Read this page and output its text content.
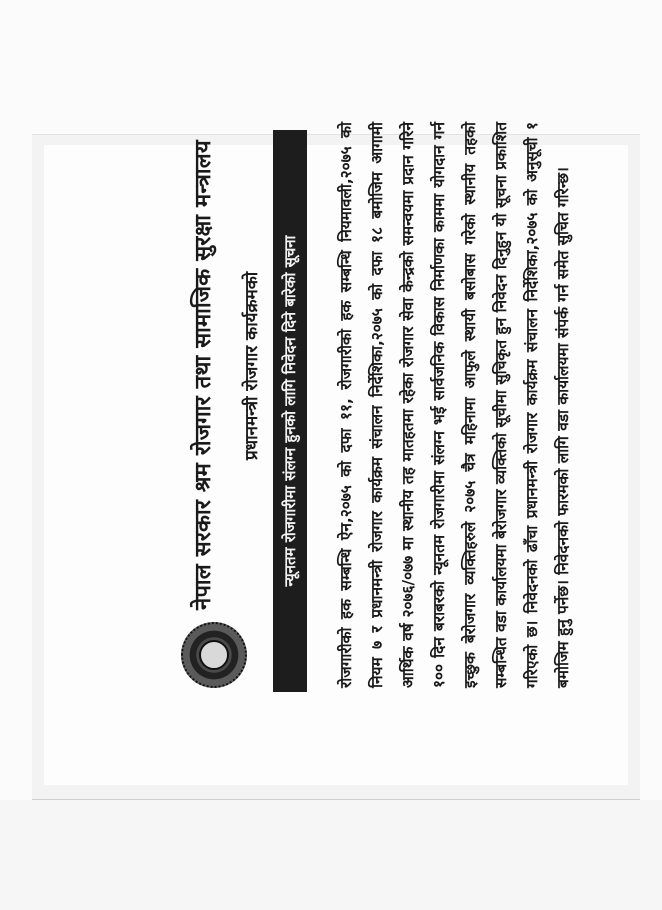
नेपाल सरकार श्रम रोजगार तथा सामाजिक सुरक्षा मन्त्रालय प्रधानमन्त्री रोजगार कार्यक्रमको न्यूनतम रोजगारीमा संलग्न हुनको लागि निवेदन दिने बारेको सूचना	रोजगारीको हक सम्बन्धि ऐन,२०७५ को दफा ११, रोजगारीको हक सम्बन्धि नियमावली,२०७५ को नियम ७ र प्रधानमन्त्री रोजगार कार्यक्रम संचालन निर्देशिका,२०७५ को दफा १८ बमोजिम आगामी आर्थिक वर्ष २०७६/०७७ मा स्थानीय तह मातहतमा रहेका रोजगार सेवा केन्द्रको समन्वयमा प्रदान गरिने १०० दिन बराबरको न्यूनतम रोजगारीमा संलग्न भई सार्वजनिक विकास निर्माणका काममा योगदान गर्न इच्छुक बेरोजगार व्यक्तिहरुले २०७५ चैत्र महिनामा आफुले स्थायी बसोबास गरेको स्थानीय तहको सम्बन्धित वडा कार्यालयमा बेरोजगार व्यक्तिको सूचीमा सुचिकृत हुन निवेदन दिनुहुन यो सूचना प्रकाशित गरिएको छ। निवेदनको ढाँचा प्रधानमन्त्री रोजगार कार्यक्रम संचालन निर्देशिका,२०७५ को अनुसूची १ बमोजिम हुनु पर्नेछ। निवेदनको फारमको लागि वडा कार्यालयमा संपर्क गर्न समेत सुचित गरिन्छ।
